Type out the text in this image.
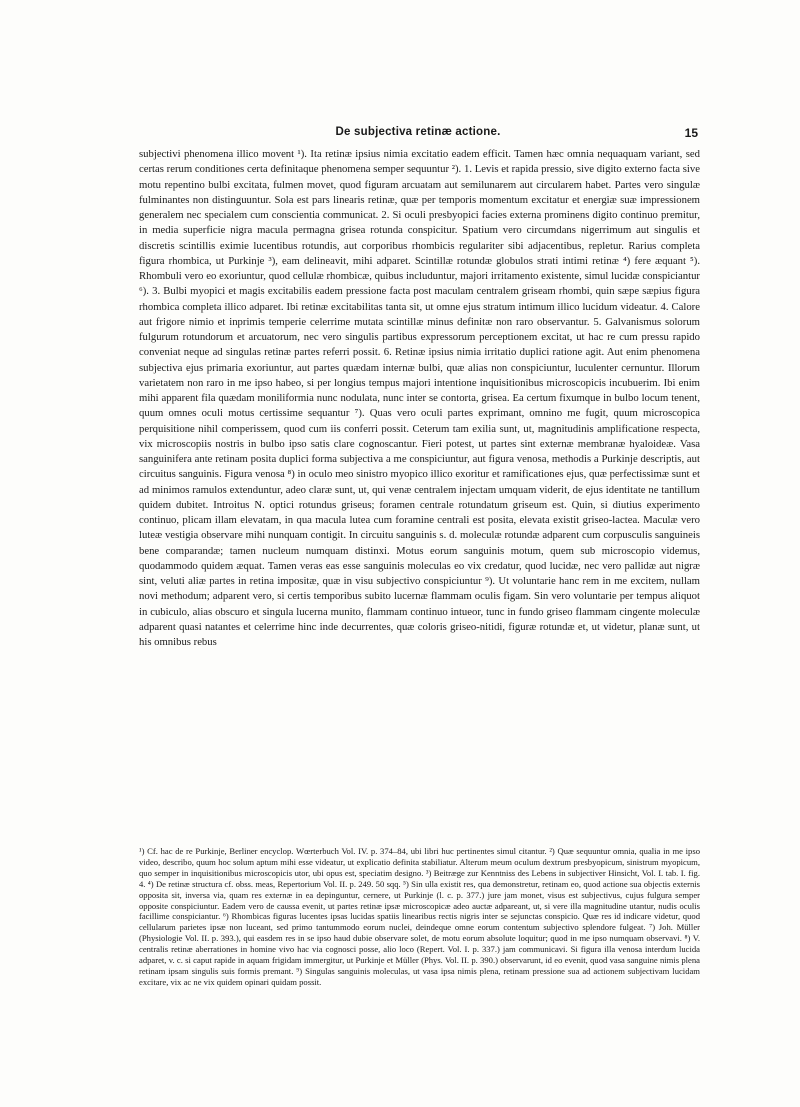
De subjectiva retinæ actione.	15

subjectivi phenomena illico movent ¹). Ita retinæ ipsius nimia excitatio eadem efficit. Tamen hæc omnia nequaquam variant, sed certas rerum conditiones certa definitaque phenomena semper sequuntur ²). 1. Levis et rapida pressio, sive digito externo facta sive motu repentino bulbi excitata, fulmen movet, quod figuram arcuatam aut semilunarem aut circularem habet. Partes vero singulæ fulminantes non distinguuntur. Sola est pars linearis retinæ, quæ per temporis momentum excitatur et energiæ suæ impressionem generalem nec specialem cum conscientia communicat. 2. Si oculi presbyopici facies externa prominens digito continuo premitur, in media superficie nigra macula permagna grisea rotunda conspicitur. Spatium vero circumdans nigerrimum aut singulis et discretis scintillis eximie lucentibus rotundis, aut corporibus rhombicis regulariter sibi adjacentibus, repletur. Rarius completa figura rhombica, ut Purkinje ³), eam delineavit, mihi adparet. Scintillæ rotundæ globulos strati intimi retinæ ⁴) fere æquant ⁵). Rhombuli vero eo exoriuntur, quod cellulæ rhombicæ, quibus includuntur, majori irritamento existente, simul lucidæ conspiciantur ⁶). 3. Bulbi myopici et magis excitabilis eadem pressione facta post maculam centralem griseam rhombi, quin sæpe sæpius figura rhombica completa illico adparet. Ibi retinæ excitabilitas tanta sit, ut omne ejus stratum intimum illico lucidum videatur. 4. Calore aut frigore nimio et inprimis temperie celerrime mutata scintillæ minus definitæ non raro observantur. 5. Galvanismus solorum fulgurum rotundorum et arcuatorum, nec vero singulis partibus expressorum perceptionem excitat, ut hac re cum pressu rapido conveniat neque ad singulas retinæ partes referri possit. 6. Retinæ ipsius nimia irritatio duplici ratione agit. Aut enim phenomena subjectiva ejus primaria exoriuntur, aut partes quædam internæ bulbi, quæ alias non conspiciuntur, luculenter cernuntur. Illorum varietatem non raro in me ipso habeo, si per longius tempus majori intentione inquisitionibus microscopicis incubuerim. Ibi enim mihi apparent fila quædam moniliformia nunc nodulata, nunc inter se contorta, grisea. Ea certum fixumque in bulbo locum tenent, quum omnes oculi motus certissime sequantur ⁷). Quas vero oculi partes exprimant, omnino me fugit, quum microscopica perquisitione nihil comperissem, quod cum iis conferri possit. Ceterum tam exilia sunt, ut, magnitudinis amplificatione respecta, vix microscopiis nostris in bulbo ipso satis clare cognoscantur. Fieri potest, ut partes sint externæ membranæ hyaloideæ. Vasa sanguinifera ante retinam posita duplici forma subjectiva a me conspiciuntur, aut figura venosa, methodis a Purkinje descriptis, aut circuitus sanguinis. Figura venosa ⁸) in oculo meo sinistro myopico illico exoritur et ramificationes ejus, quæ perfectissimæ sunt et ad minimos ramulos extenduntur, adeo claræ sunt, ut, qui venæ centralem injectam umquam viderit, de ejus identitate ne tantillum quidem dubitet. Introitus N. optici rotundus griseus; foramen centrale rotundatum griseum est. Quin, si diutius experimento continuo, plicam illam elevatam, in qua macula lutea cum foramine centrali est posita, elevata existit griseo-lactea. Maculæ vero luteæ vestigia observare mihi nunquam contigit. In circuitu sanguinis s. d. moleculæ rotundæ adparent cum corpusculis sanguineis bene comparandæ; tamen nucleum numquam distinxi. Motus eorum sanguinis motum, quem sub microscopio videmus, quodammodo quidem æquat. Tamen veras eas esse sanguinis moleculas eo vix credatur, quod lucidæ, nec vero pallidæ aut nigræ sint, veluti aliæ partes in retina impositæ, quæ in visu subjectivo conspiciuntur ⁹). Ut voluntarie hanc rem in me excitem, nullam novi methodum; adparent vero, si certis temporibus subito lucernæ flammam oculis figam. Sin vero voluntarie per tempus aliquot in cubiculo, alias obscuro et singula lucerna munito, flammam continuo intueor, tunc in fundo griseo flammam cingente moleculæ adparent quasi natantes et celerrime hinc inde decurrentes, quæ coloris griseo-nitidi, figuræ rotundæ et, ut videtur, planæ sunt, ut his omnibus rebus

¹) Cf. hac de re Purkinje, Berliner encyclop. Wœrterbuch Vol. IV. p. 374–84, ubi libri huc pertinentes simul citantur. ²) Quæ sequuntur omnia, qualia in me ipso video, describo, quum hoc solum aptum mihi esse videatur, ut explicatio definita stabiliatur. Alterum meum oculum dextrum presbyopicum, sinistrum myopicum, quo semper in inquisitionibus microscopicis utor, ubi opus est, speciatim designo. ³) Beitræge zur Kenntniss des Lebens in subjectiver Hinsicht, Vol. I. tab. I. fig. 4. ⁴) De retinæ structura cf. obss. meas, Repertorium Vol. II. p. 249. 50 sqq. ⁵) Sin ulla existit res, qua demonstretur, retinam eo, quod actione sua objectis externis opposita sit, inversa via, quam res externæ in ea depinguntur, cernere, ut Purkinje (l. c. p. 377.) jure jam monet, visus est subjectivus, cujus fulgura semper opposite conspiciuntur. Eadem vero de caussa evenit, ut partes retinæ ipsæ microscopicæ adeo auctæ adpareant, ut, si vere illa magnitudine utantur, nudis oculis facillime conspiciantur. ⁶) Rhombicas figuras lucentes ipsas lucidas spatiis linearibus rectis nigris inter se sejunctas conspicio. Quæ res id indicare videtur, quod cellularum parietes ipsæ non luceant, sed primo tantummodo eorum nuclei, deindeque omne eorum contentum subjectivo splendore fulgeat. ⁷) Joh. Müller (Physiologie Vol. II. p. 393.), qui easdem res in se ipso haud dubie observare solet, de motu eorum absolute loquitur; quod in me ipso numquam observavi. ⁸) V. centralis retinæ aberrationes in homine vivo hac via cognosci posse, alio loco (Repert. Vol. I. p. 337.) jam communicavi. Si figura illa venosa interdum lucida adparet, v. c. si caput rapide in aquam frigidam immergitur, ut Purkinje et Müller (Phys. Vol. II. p. 390.) observarunt, id eo evenit, quod vasa sanguine nimis plena retinam ipsam singulis suis formis premant. ⁹) Singulas sanguinis moleculas, ut vasa ipsa nimis plena, retinam pressione sua ad actionem subjectivam lucidam excitare, vix ac ne vix quidem opinari quidam possit.
